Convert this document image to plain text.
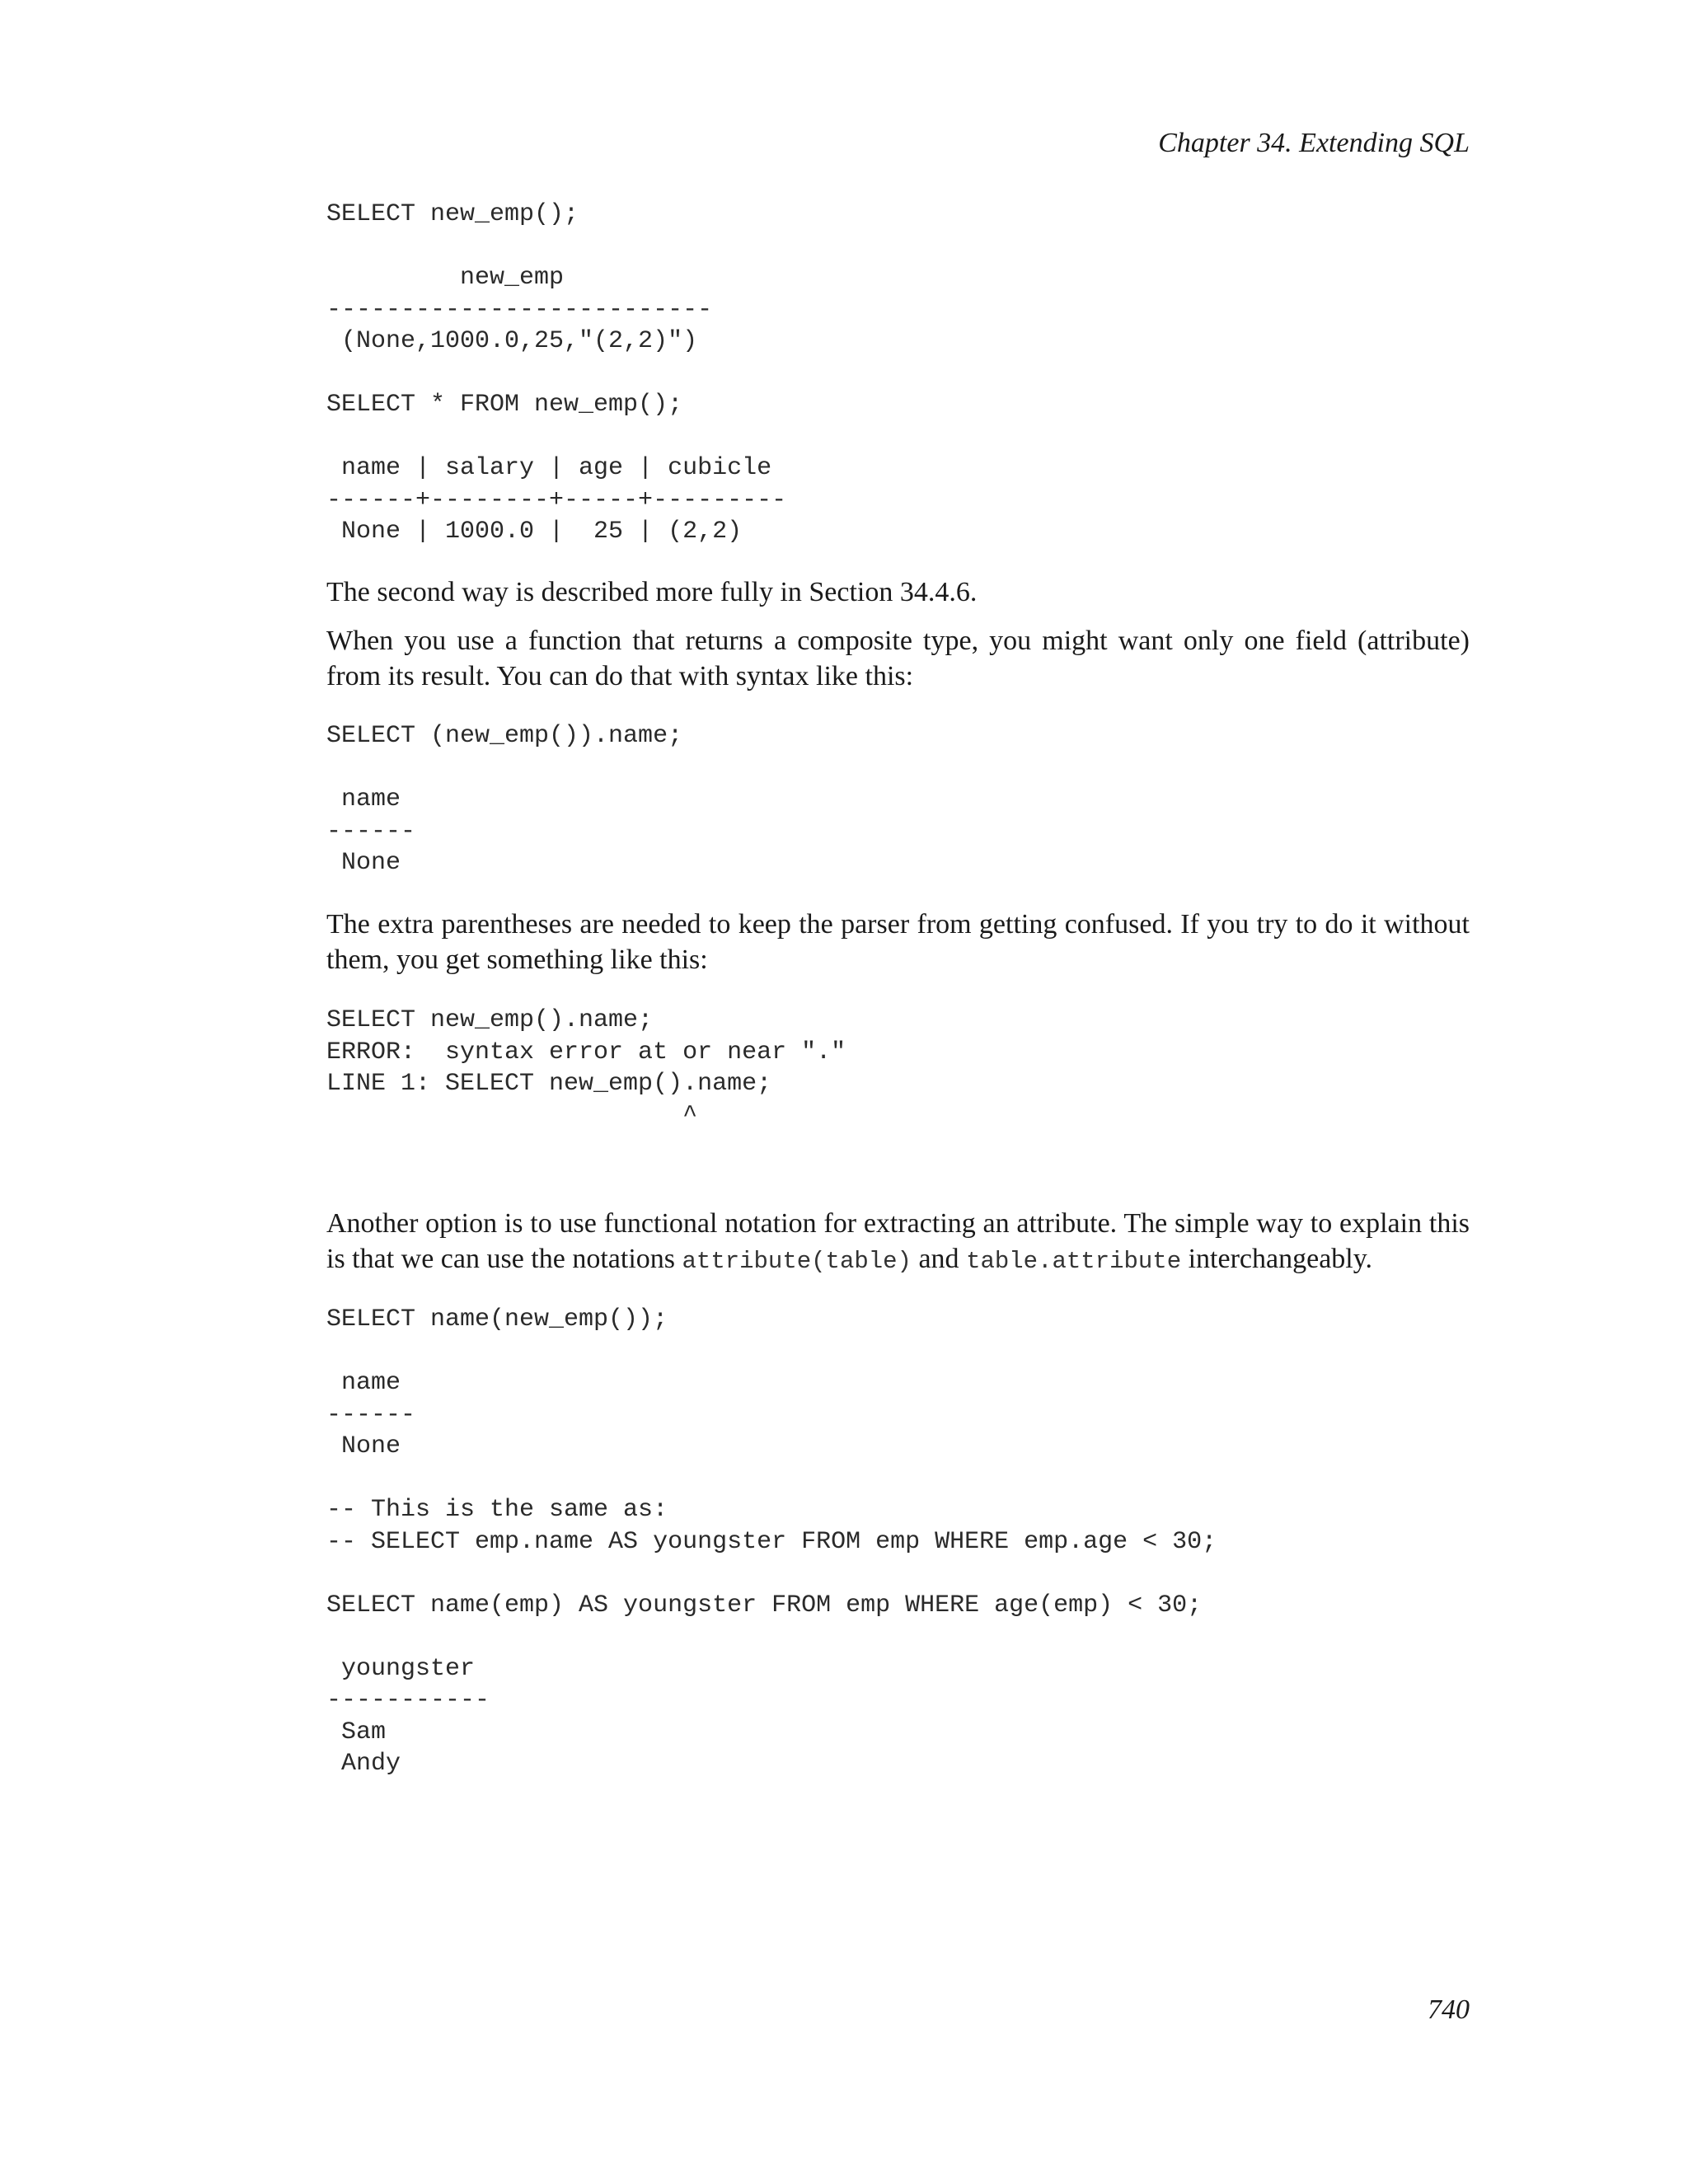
Chapter 34. Extending SQL
SELECT new_emp();

new_emp
--------------------------
(None,1000.0,25,"(2,2)")

SELECT * FROM new_emp();

name | salary | age | cubicle
------+--------+-----+---------
None | 1000.0 |  25 | (2,2)

The second way is described more fully in Section 34.4.6.

When you use a function that returns a composite type, you might want only one field (attribute) from its result. You can do that with syntax like this:

SELECT (new_emp()).name;

name
------
None

The extra parentheses are needed to keep the parser from getting confused. If you try to do it without them, you get something like this:

SELECT new_emp().name;
ERROR:  syntax error at or near "."
LINE 1: SELECT new_emp().name;
^

Another option is to use functional notation for extracting an attribute. The simple way to explain this is that we can use the notations attribute(table) and table.attribute interchangeably.

SELECT name(new_emp());

name
------
None

-- This is the same as:
-- SELECT emp.name AS youngster FROM emp WHERE emp.age < 30;

SELECT name(emp) AS youngster FROM emp WHERE age(emp) < 30;

youngster
-----------
Sam
Andy
740
